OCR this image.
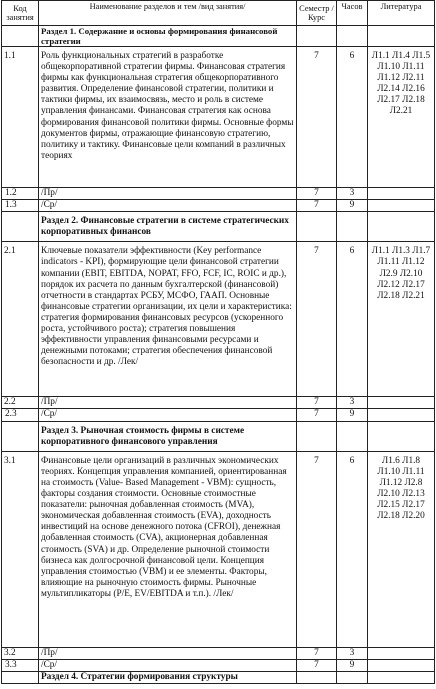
Код занятия	Наименование разделов и тем /вид занятия/	Семестр / Курс	Часов	Литература
	Раздел 1. Содержание и основы формирования финансовой стратегии			
1.1	Роль функциональных стратегий в разработке общекорпоративной стратегии фирмы. Финансовая стратегия фирмы как функциональная стратегия общекорпоративного развития. Определение финансовой стратегии, политики и тактики фирмы, их взаимосвязь, место и роль в системе управления финансами. Финансовая стратегия как основа формирования финансовой политики фирмы. Основные формы документов фирмы, отражающие финансовую стратегию, политику и тактику. Финансовые цели компаний в различных теориях	7	6	Л1.1 Л1.4 Л1.5 Л1.10 Л1.11 Л1.12 Л2.11 Л2.14 Л2.16 Л2.17 Л2.18 Л2.21
1.2	/Пр/	7	3	
1.3	/Ср/	7	9	
	Раздел 2. Финансовые стратегии в системе стратегических корпоративных финансов			
2.1	Ключевые показатели эффективности (Key performance indicators - KPI), формирующие цели финансовой стратегии компании (EBIT, EBITDA, NOPAT, FFO, FCF, IC, ROIC и др.), порядок их расчета по данным бухгалтерской (финансовой) отчетности в стандартах РСБУ, МСФО, ГААП. Основные финансовые стратегии организации, их цели и характеристика: стратегия формирования финансовых ресурсов (ускоренного роста, устойчивого роста); стратегия повышения эффективности управления финансовыми ресурсами и денежными потоками; стратегия обеспечения финансовой безопасности и др. /Лек/	7	6	Л1.1 Л1.3 Л1.7 Л1.11 Л1.12 Л2.9 Л2.10 Л2.12 Л2.17 Л2.18 Л2.21
2.2	/Пр/	7	3	
2.3	/Ср/	7	9	
	Раздел 3. Рыночная стоимость фирмы в системе корпоративного финансового управления			
3.1	Финансовые цели организаций в различных экономических теориях. Концепция управления компанией, ориентированная на стоимость (Value- Based Management - VBM): сущность, факторы создания стоимости. Основные стоимостные показатели: рыночная добавленная стоимость (MVA), экономическая добавленная стоимость (EVA), доходность инвестиций на основе денежного потока (CFROI), денежная добавленная стоимость (CVA), акционерная добавленная стоимость (SVA) и др. Определение рыночной стоимости бизнеса как долгосрочной финансовой цели. Концепция управления стоимостью (VBM) и ее элементы. Факторы, влияющие на рыночную стоимость фирмы. Рыночные мультипликаторы (P/E, EV/EBITDA и т.п.). /Лек/	7	6	Л1.6 Л1.8 Л1.10 Л1.11 Л1.12 Л2.8 Л2.10 Л2.13 Л2.15 Л2.17 Л2.18 Л2.20
3.2	/Пр/	7	3	
3.3	/Ср/	7	9	
	Раздел 4. Стратегии формирования структуры			
